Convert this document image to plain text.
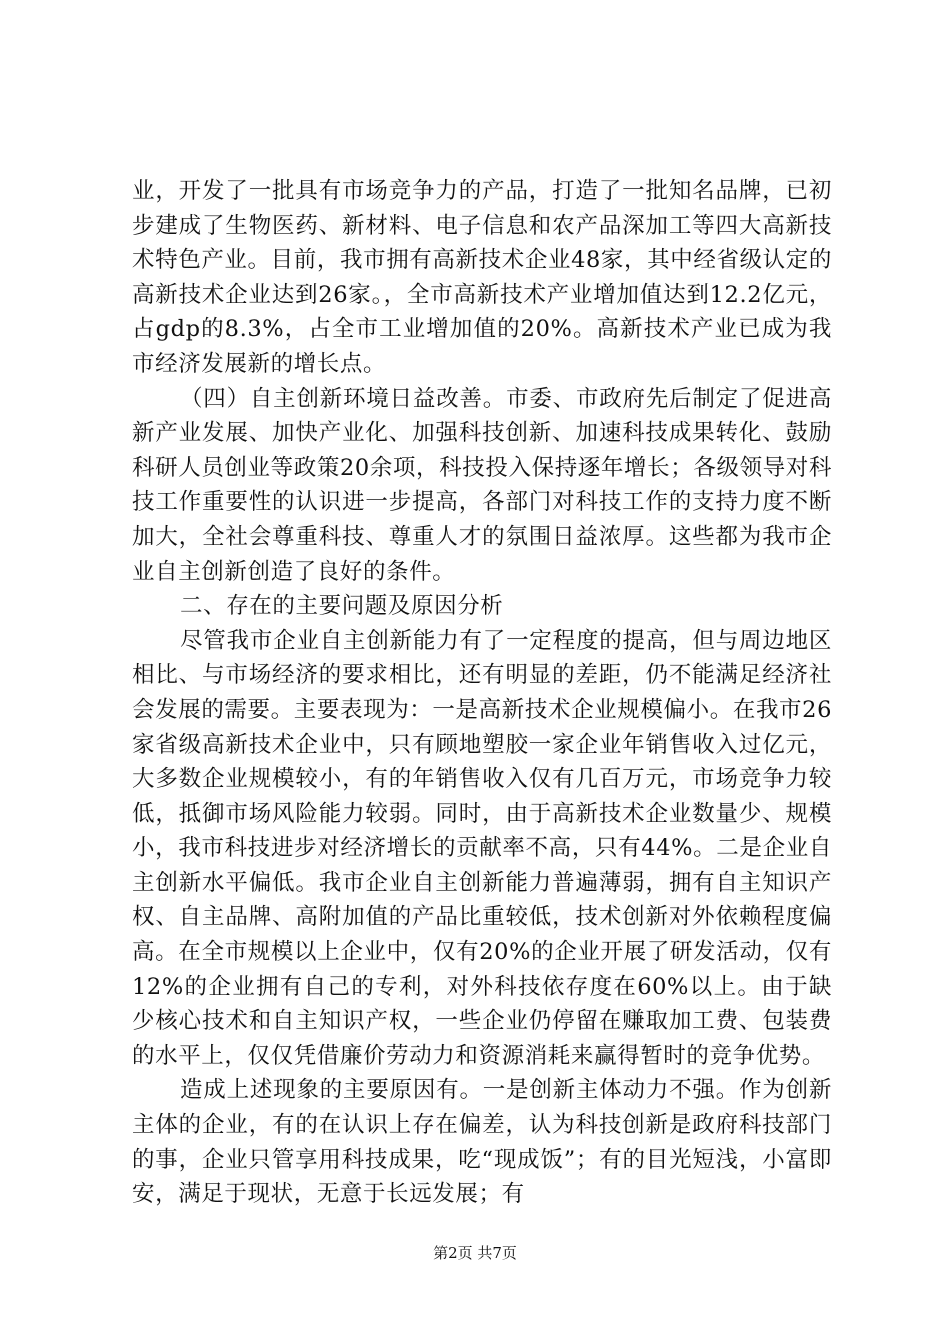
业，开发了一批具有市场竞争力的产品，打造了一批知名品牌，已初步建成了生物医药、新材料、电子信息和农产品深加工等四大高新技术特色产业。目前，我市拥有高新技术企业48家，其中经省级认定的高新技术企业达到26家。，全市高新技术产业增加值达到12.2亿元，占gdp的8.3%，占全市工业增加值的20%。高新技术产业已成为我市经济发展新的增长点。

（四）自主创新环境日益改善。市委、市政府先后制定了促进高新产业发展、加快产业化、加强科技创新、加速科技成果转化、鼓励科研人员创业等政策20余项，科技投入保持逐年增长；各级领导对科技工作重要性的认识进一步提高，各部门对科技工作的支持力度不断加大，全社会尊重科技、尊重人才的氛围日益浓厚。这些都为我市企业自主创新创造了良好的条件。

二、存在的主要问题及原因分析

尽管我市企业自主创新能力有了一定程度的提高，但与周边地区相比、与市场经济的要求相比，还有明显的差距，仍不能满足经济社会发展的需要。主要表现为：一是高新技术企业规模偏小。在我市26家省级高新技术企业中，只有顾地塑胶一家企业年销售收入过亿元，大多数企业规模较小，有的年销售收入仅有几百万元，市场竞争力较低，抵御市场风险能力较弱。同时，由于高新技术企业数量少、规模小，我市科技进步对经济增长的贡献率不高，只有44%。二是企业自主创新水平偏低。我市企业自主创新能力普遍薄弱，拥有自主知识产权、自主品牌、高附加值的产品比重较低，技术创新对外依赖程度偏高。在全市规模以上企业中，仅有20%的企业开展了研发活动，仅有12%的企业拥有自己的专利，对外科技依存度在60%以上。由于缺少核心技术和自主知识产权，一些企业仍停留在赚取加工费、包装费的水平上，仅仅凭借廉价劳动力和资源消耗来赢得暂时的竞争优势。

造成上述现象的主要原因有。一是创新主体动力不强。作为创新主体的企业，有的在认识上存在偏差，认为科技创新是政府科技部门的事，企业只管享用科技成果，吃“现成饭”；有的目光短浅，小富即安，满足于现状，无意于长远发展；有

第2页 共7页
